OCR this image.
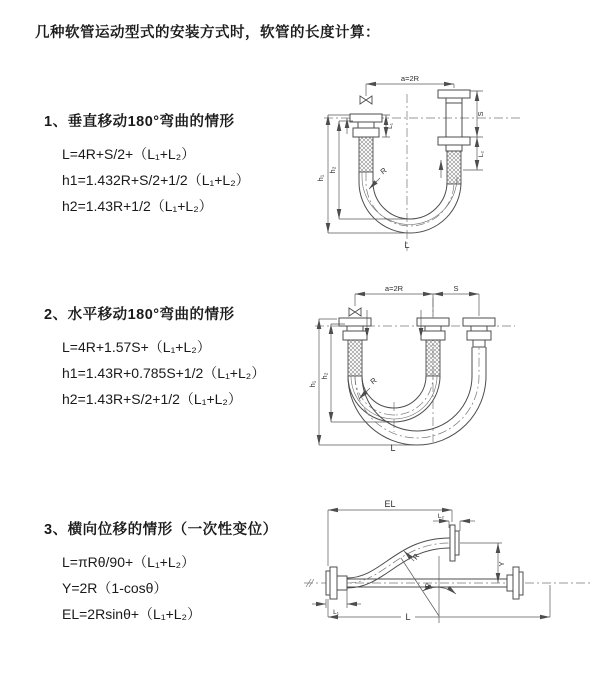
几种软管运动型式的安装方式时，软管的长度计算：
1、垂直移动180°弯曲的情形
L=4R+S/2+（L₁+L₂）
h1=1.432R+S/2+1/2（L₁+L₂）
h2=1.43R+1/2（L₁+L₂）
2、水平移动180°弯曲的情形
L=4R+1.57S+（L₁+L₂）
h1=1.43R+0.785S+1/2（L₁+L₂）
h2=1.43R+S/2+1/2（L₁+L₂）
3、横向位移的情形（一次性变位）
L=πRθ/90+（L₁+L₂）
Y=2R（1-cosθ）
EL=2Rsinθ+（L₁+L₂）
a=2R
h₁
h₂
L₁
S
L₂
R
L
a=2R	S
h₁
h₂	R
L
EL
L₂
Y
θ
R
L
L₁
